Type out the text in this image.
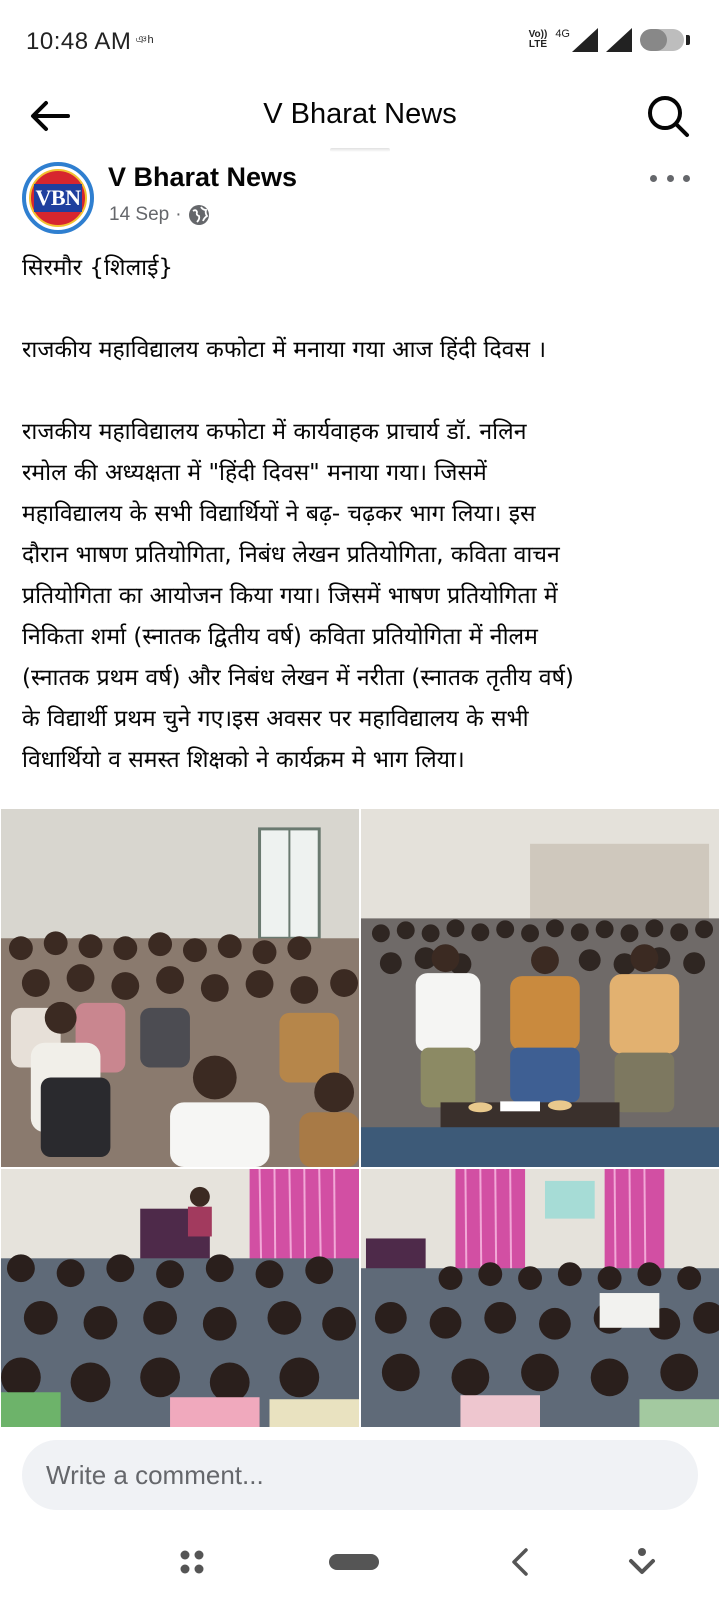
10:48 AM $^{ঞh}$	Vo))
LTE
4G
V Bharat News
VBN
V Bharat News
14 Sep ·

सिरमौर {शिलाई}

राजकीय महाविद्यालय कफोटा में मनाया गया आज हिंदी दिवस ।

राजकीय महाविद्यालय कफोटा में कार्यवाहक प्राचार्य डॉ. नलिन

रमोल की अध्यक्षता में "हिंदी दिवस" मनाया गया। जिसमें

महाविद्यालय के सभी विद्यार्थियों ने बढ़- चढ़कर भाग लिया। इस

दौरान भाषण प्रतियोगिता, निबंध लेखन प्रतियोगिता, कविता वाचन

प्रतियोगिता का आयोजन किया गया। जिसमें भाषण प्रतियोगिता में

निकिता शर्मा (स्नातक द्वितीय वर्ष) कविता प्रतियोगिता में नीलम

(स्नातक प्रथम वर्ष) और निबंध लेखन में नरीता (स्नातक तृतीय वर्ष)

के विद्यार्थी प्रथम चुने गए।इस अवसर पर महाविद्यालय के सभी

विधार्थियो व समस्त शिक्षको ने कार्यक्रम मे भाग लिया।

Write a comment...
